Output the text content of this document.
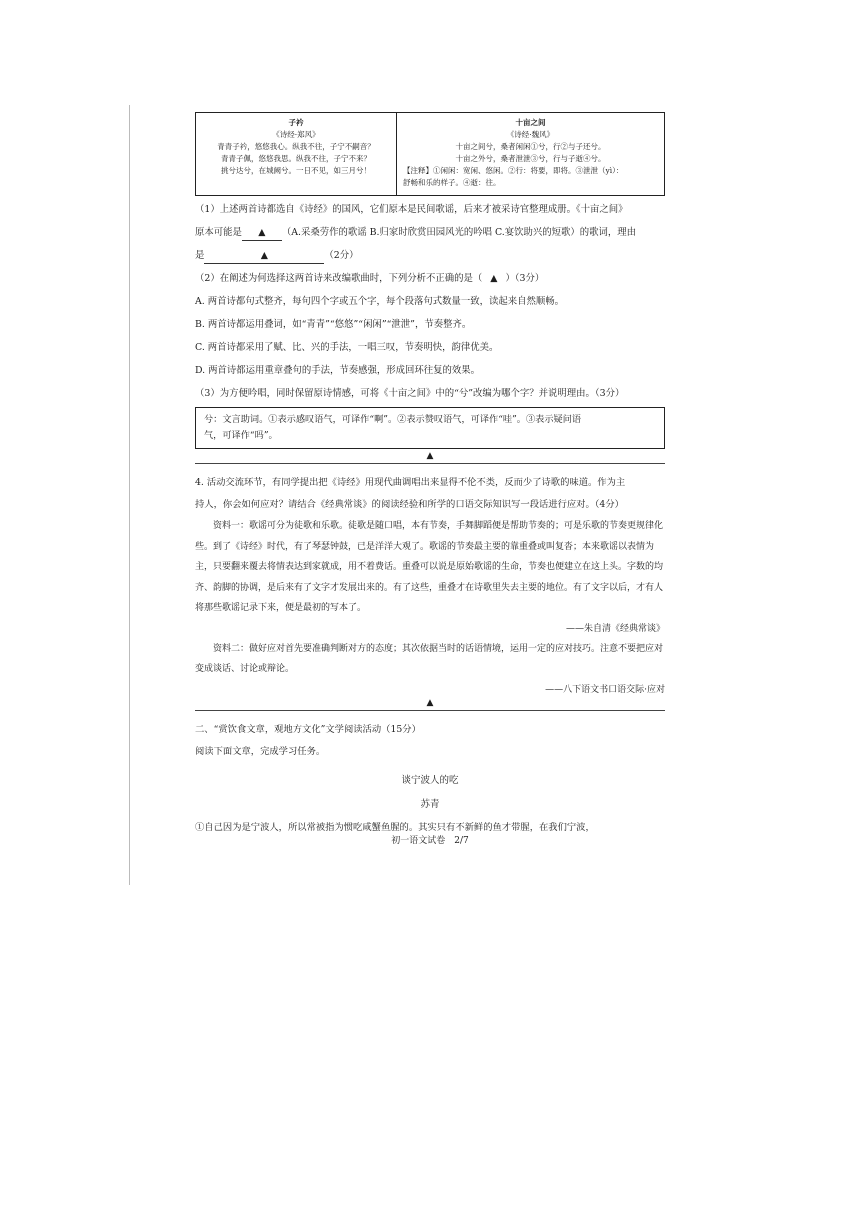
子衿
《诗经·郑风》
青青子衿，悠悠我心。纵我不往，子宁不嗣音？
青青子佩，悠悠我思。纵我不往，子宁不来？
挑兮达兮，在城阙兮。一日不见，如三月兮！
十亩之间
《诗经·魏风》
十亩之间兮，桑者闲闲①兮，行②与子还兮。
十亩之外兮，桑者泄泄③兮，行与子逝④兮。
【注释】①闲闲：宽闲、悠闲。②行：将要，即将。③泄泄（yì）：
舒畅和乐的样子。④逝：往。
（1）上述两首诗都选自《诗经》的国风，它们原本是民间歌谣，后来才被采诗官整理成册。《十亩之间》
原本可能是 ▲ （A.采桑劳作的歌谣 B.归家时欣赏田园风光的吟唱 C.宴饮助兴的短歌）的歌词，理由
是	▲	（2分）
（2）在阐述为何选择这两首诗来改编歌曲时，下列分析不正确的是（ ▲ ）（3分）
A. 两首诗都句式整齐，每句四个字或五个字，每个段落句式数量一致，读起来自然顺畅。
B. 两首诗都运用叠词，如“青青”“悠悠”“闲闲”“泄泄”，节奏整齐。
C. 两首诗都采用了赋、比、兴的手法，一唱三叹，节奏明快，韵律优美。
D. 两首诗都运用重章叠句的手法，节奏感强，形成回环往复的效果。
（3）为方便吟唱，同时保留原诗情感，可将《十亩之间》中的“兮”改编为哪个字？并说明理由。（3分）
兮：文言助词。①表示感叹语气，可译作“啊”。②表示赞叹语气，可译作“哇”。③表示疑问语
气，可译作“吗”。
▲
4. 活动交流环节，有同学提出把《诗经》用现代曲调唱出来显得不伦不类，反而少了诗歌的味道。作为主
持人，你会如何应对？请结合《经典常谈》的阅读经验和所学的口语交际知识写一段话进行应对。（4分）
资料一：歌谣可分为徒歌和乐歌。徒歌是随口唱，本有节奏，手舞脚蹈便是帮助节奏的；可是乐歌的节奏更规律化些。到了《诗经》时代，有了琴瑟钟鼓，已是洋洋大观了。歌谣的节奏最主要的靠重叠或叫复沓；本来歌谣以表情为主，只要翻来覆去将情表达到家就成，用不着费话。重叠可以说是原始歌谣的生命，节奏也便建立在这上头。字数的均齐、韵脚的协调，是后来有了文字才发展出来的。有了这些，重叠才在诗歌里失去主要的地位。有了文字以后，才有人将那些歌谣记录下来，便是最初的写本了。
——朱自清《经典常谈》
资料二：做好应对首先要准确判断对方的态度；其次依据当时的话语情境，运用一定的应对技巧。注意不要把应对变成谈话、讨论或辩论。
——八下语文书口语交际·应对
▲
二、“赏饮食文章，观地方文化”文学阅读活动（15分）
阅读下面文章，完成学习任务。
谈宁波人的吃
苏青
①自己因为是宁波人，所以常被指为惯吃咸蟹鱼腥的。其实只有不新鲜的鱼才带腥，在我们宁波，
初一语文试卷　2/7
